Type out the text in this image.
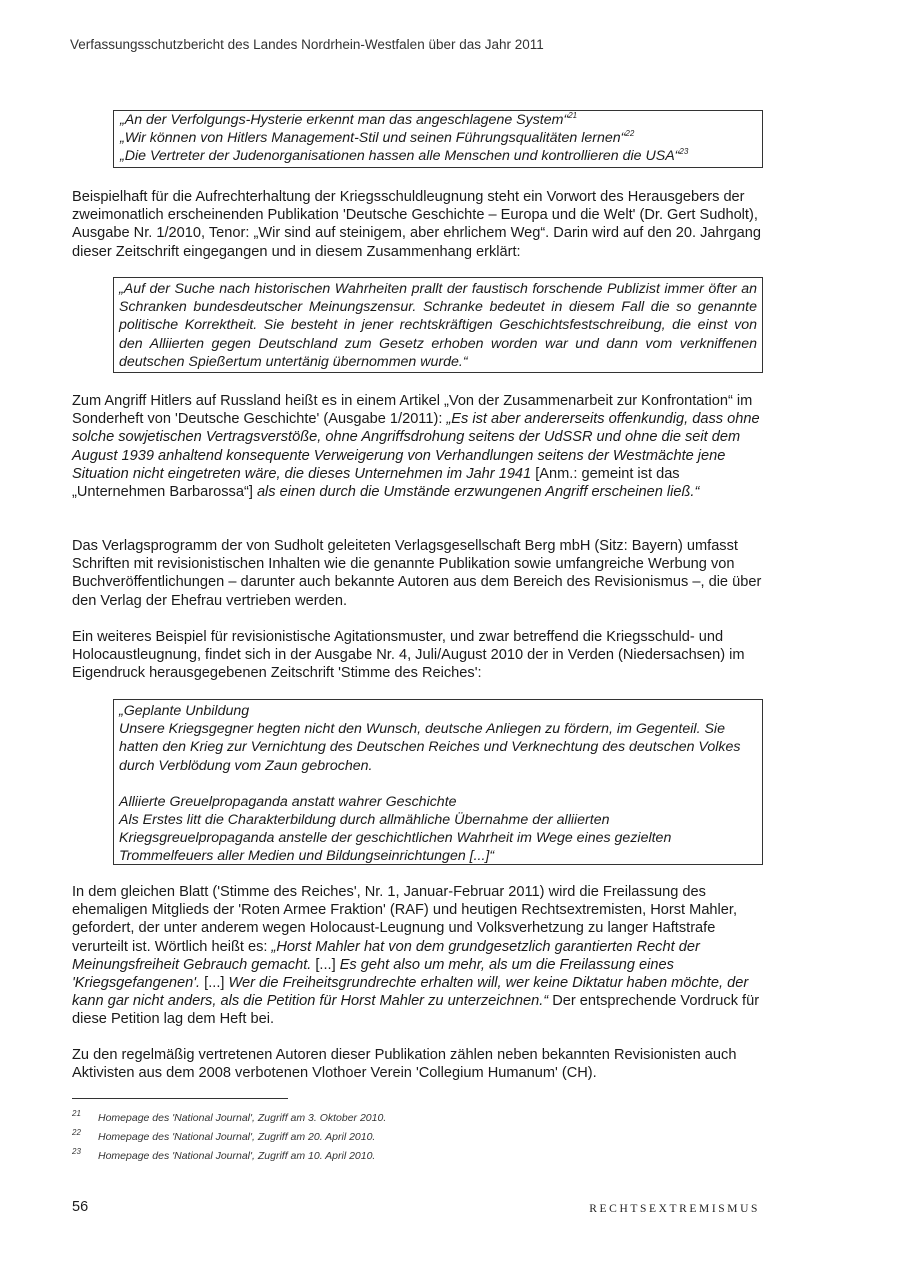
Verfassungsschutzbericht des Landes Nordrhein-Westfalen über das Jahr 2011

„An der Verfolgungs-Hysterie erkennt man das angeschlagene System“$^{21}$

„Wir können von Hitlers Management-Stil und seinen Führungsqualitäten lernen“$^{22}$

„Die Vertreter der Judenorganisationen hassen alle Menschen und kontrollieren die USA“$^{23}$

Beispielhaft für die Aufrechterhaltung der Kriegsschuldleugnung steht ein Vorwort des Herausgebers der zweimonatlich erscheinenden Publikation 'Deutsche Geschichte – Europa und die Welt' (Dr. Gert Sudholt), Ausgabe Nr. 1/2010, Tenor: „Wir sind auf steinigem, aber ehrlichem Weg“. Darin wird auf den 20. Jahrgang dieser Zeitschrift eingegangen und in diesem Zusammenhang erklärt:

„Auf der Suche nach historischen Wahrheiten prallt der faustisch forschende Publizist immer öfter an Schranken bundesdeutscher Meinungszensur. Schranke bedeutet in diesem Fall die so genannte politische Korrektheit. Sie besteht in jener rechtskräftigen Geschichtsfestschreibung, die einst von den Alliierten gegen Deutschland zum Gesetz erhoben worden war und dann vom verkniffenen deutschen Spießertum untertänig übernommen wurde.“

Zum Angriff Hitlers auf Russland heißt es in einem Artikel „Von der Zusammenarbeit zur Konfrontation“ im Sonderheft von 'Deutsche Geschichte' (Ausgabe 1/2011): „Es ist aber andererseits offenkundig, dass ohne solche sowjetischen Vertragsverstöße, ohne Angriffsdrohung seitens der UdSSR und ohne die seit dem August 1939 anhaltend konsequente Verweigerung von Verhandlungen seitens der Westmächte jene Situation nicht eingetreten wäre, die dieses Unternehmen im Jahr 1941 [Anm.: gemeint ist das „Unternehmen Barbarossa“] als einen durch die Umstände erzwungenen Angriff erscheinen ließ.“
Das Verlagsprogramm der von Sudholt geleiteten Verlagsgesellschaft Berg mbH (Sitz: Bayern) umfasst Schriften mit revisionistischen Inhalten wie die genannte Publikation sowie umfangreiche Werbung von Buchveröffentlichungen – darunter auch bekannte Autoren aus dem Bereich des Revisionismus –, die über den Verlag der Ehefrau vertrieben werden.
Ein weiteres Beispiel für revisionistische Agitationsmuster, und zwar betreffend die Kriegsschuld- und Holocaustleugnung, findet sich in der Ausgabe Nr. 4, Juli/August 2010 der in Verden (Niedersachsen) im Eigendruck herausgegebenen Zeitschrift 'Stimme des Reiches':

„Geplante Unbildung

Unsere Kriegsgegner hegten nicht den Wunsch, deutsche Anliegen zu fördern, im Gegenteil. Sie hatten den Krieg zur Vernichtung des Deutschen Reiches und Verknechtung des deutschen Volkes durch Verblödung vom Zaun gebrochen.

Alliierte Greuelpropaganda anstatt wahrer Geschichte

Als Erstes litt die Charakterbildung durch allmähliche Übernahme der alliierten Kriegsgreuelpropaganda anstelle der geschichtlichen Wahrheit im Wege eines gezielten Trommelfeuers aller Medien und Bildungseinrichtungen [...]“

In dem gleichen Blatt ('Stimme des Reiches', Nr. 1, Januar-Februar 2011) wird die Freilassung des ehemaligen Mitglieds der 'Roten Armee Fraktion' (RAF) und heutigen Rechtsextremisten, Horst Mahler, gefordert, der unter anderem wegen Holocaust-Leugnung und Volksverhetzung zu langer Haftstrafe verurteilt ist. Wörtlich heißt es: „Horst Mahler hat von dem grundgesetzlich garantierten Recht der Meinungsfreiheit Gebrauch gemacht. [...] Es geht also um mehr, als um die Freilassung eines 'Kriegsgefangenen'. [...] Wer die Freiheitsgrundrechte erhalten will, wer keine Diktatur haben möchte, der kann gar nicht anders, als die Petition für Horst Mahler zu unterzeichnen.“ Der entsprechende Vordruck für diese Petition lag dem Heft bei.
Zu den regelmäßig vertretenen Autoren dieser Publikation zählen neben bekannten Revisionisten auch Aktivisten aus dem 2008 verbotenen Vlothoer Verein 'Collegium Humanum' (CH).
21 Homepage des 'National Journal', Zugriff am 3. Oktober 2010.
22 Homepage des 'National Journal', Zugriff am 20. April 2010.
23 Homepage des 'National Journal', Zugriff am 10. April 2010.
56	RECHTSEXTREMISMUS
